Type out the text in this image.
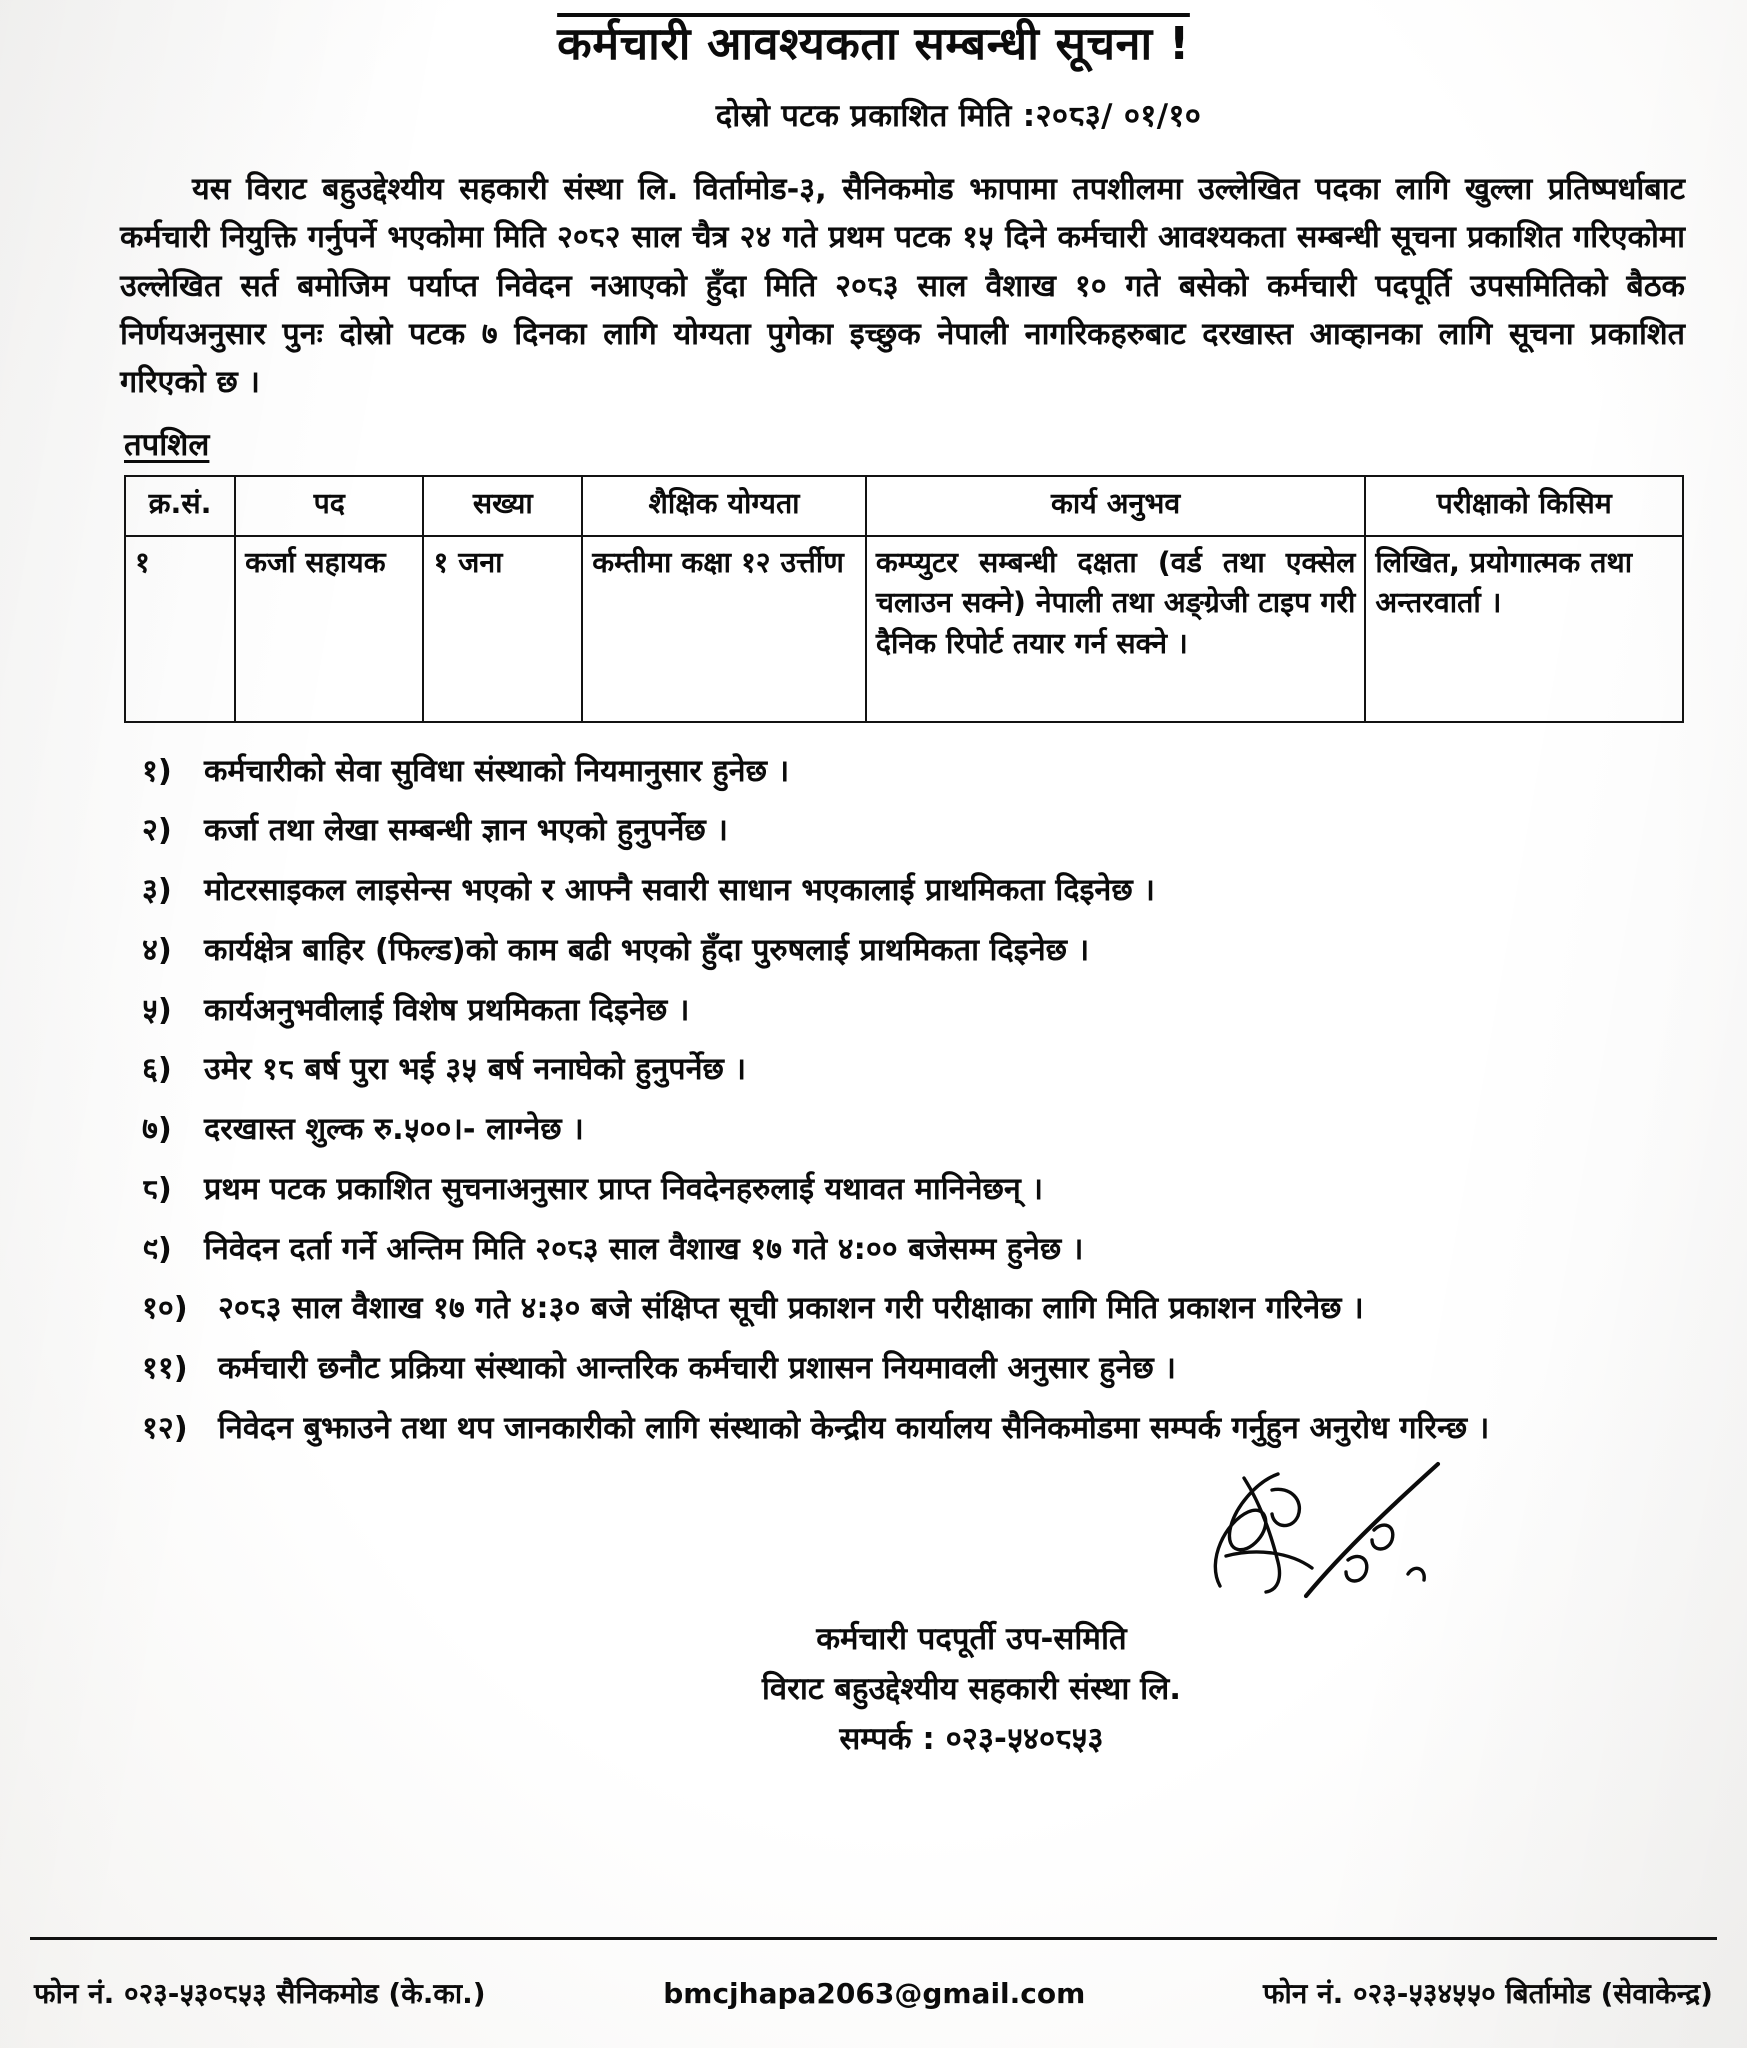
कर्मचारी आवश्यकता सम्बन्धी सूचना !
दोस्रो पटक प्रकाशित मिति :२०८३/ ०१/१०
यस विराट बहुउद्देश्यीय सहकारी संस्था लि. विर्तामोड-३, सैनिकमोड झापामा तपशीलमा उल्लेखित पदका लागि खुल्ला प्रतिष्पर्धाबाट कर्मचारी नियुक्ति गर्नुपर्ने भएकोमा मिति २०८२ साल चैत्र २४ गते प्रथम पटक १५ दिने कर्मचारी आवश्यकता सम्बन्धी सूचना प्रकाशित गरिएकोमा उल्लेखित सर्त बमोजिम पर्याप्त निवेदन नआएको हुँदा मिति २०८३ साल वैशाख १० गते बसेको कर्मचारी पदपूर्ति उपसमितिको बैठक निर्णयअनुसार पुनः दोस्रो पटक ७ दिनका लागि योग्यता पुगेका इच्छुक नेपाली नागरिकहरुबाट दरखास्त आव्हानका लागि सूचना प्रकाशित गरिएको छ ।
तपशिल
क्र.सं.	पद	सख्या	शैक्षिक योग्यता	कार्य अनुभव	परीक्षाको किसिम
१	कर्जा सहायक	१ जना	कम्तीमा कक्षा १२ उर्त्तीण	कम्प्युटर सम्बन्धी दक्षता (वर्ड तथा एक्सेल चलाउन सक्ने) नेपाली तथा अङ्ग्रेजी टाइप गरी दैनिक रिपोर्ट तयार गर्न सक्ने ।	लिखित, प्रयोगात्मक तथा अन्तरवार्ता ।
१)	कर्मचारीको सेवा सुविधा संस्थाको नियमानुसार हुनेछ ।
२)	कर्जा तथा लेखा सम्बन्धी ज्ञान भएको हुनुपर्नेछ ।
३)	मोटरसाइकल लाइसेन्स भएको र आफ्नै सवारी साधान भएकालाई प्राथमिकता दिइनेछ ।
४)	कार्यक्षेत्र बाहिर (फिल्ड)को काम बढी भएको हुँदा पुरुषलाई प्राथमिकता दिइनेछ ।
५)	कार्यअनुभवीलाई विशेष प्रथमिकता दिइनेछ ।
६)	उमेर १८ बर्ष पुरा भई ३५ बर्ष ननाघेको हुनुपर्नेछ ।
७)	दरखास्त शुल्क रु.५००।- लाग्नेछ ।
८)	प्रथम पटक प्रकाशित सुचनाअनुसार प्राप्त निवदेनहरुलाई यथावत मानिनेछन् ।
९)	निवेदन दर्ता गर्ने अन्तिम मिति २०८३ साल वैशाख १७ गते ४:०० बजेसम्म हुनेछ ।
१०) २०८३ साल वैशाख १७ गते ४:३० बजे संक्षिप्त सूची प्रकाशन गरी परीक्षाका लागि मिति प्रकाशन गरिनेछ ।
११) कर्मचारी छनौट प्रक्रिया संस्थाको आन्तरिक कर्मचारी प्रशासन नियमावली अनुसार हुनेछ ।
१२) निवेदन बुझाउने तथा थप जानकारीको लागि संस्थाको केन्द्रीय कार्यालय सैनिकमोडमा सम्पर्क गर्नुहुन अनुरोध गरिन्छ ।
कर्मचारी पदपूर्ती उप-समिति
विराट बहुउद्देश्यीय सहकारी संस्था लि.
सम्पर्क : ०२३-५४०८५३
फोन नं. ०२३-५३०८५३ सैनिकमोड (के.का.)	bmcjhapa2063@gmail.com	फोन नं. ०२३-५३४५५० बिर्तामोड (सेवाकेन्द्र)
